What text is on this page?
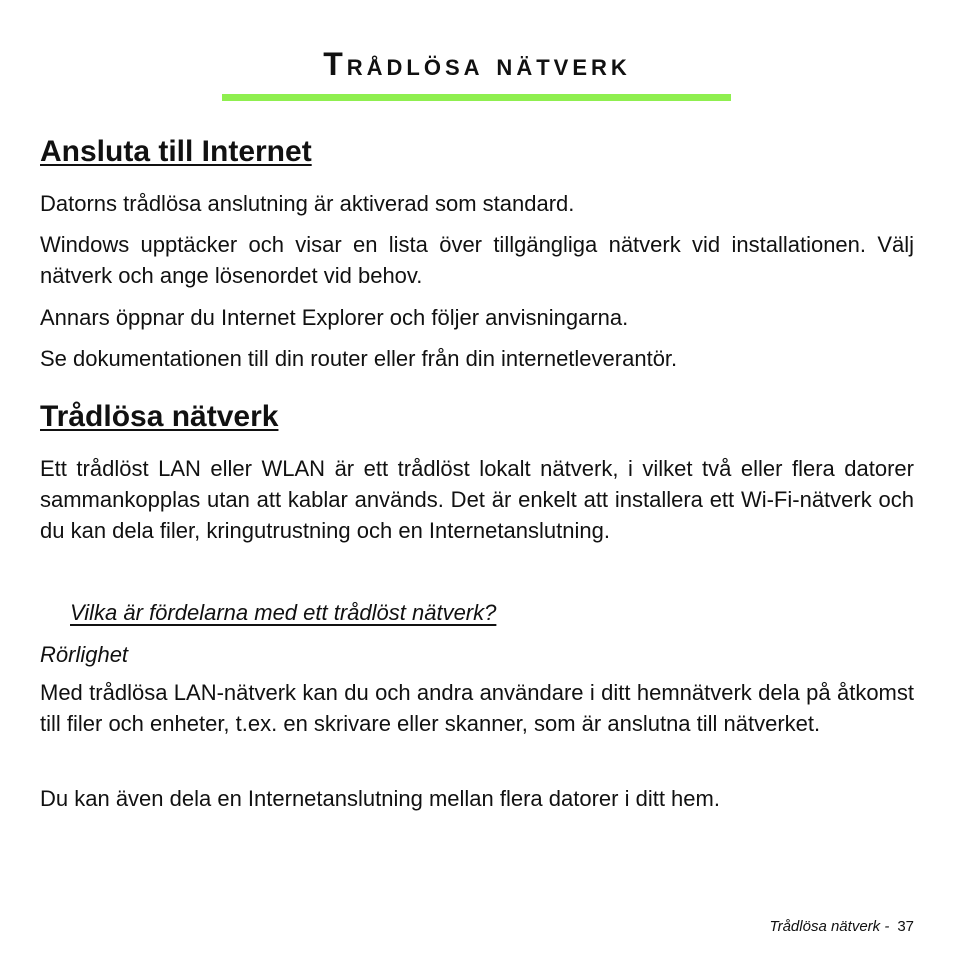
Trådlösa nätverk
Ansluta till Internet

Datorns trådlösa anslutning är aktiverad som standard.

Windows upptäcker och visar en lista över tillgängliga nätverk vid installationen. Välj nätverk och ange lösenordet vid behov.

Annars öppnar du Internet Explorer och följer anvisningarna.

Se dokumentationen till din router eller från din internetleverantör.

Trådlösa nätverk

Ett trådlöst LAN eller WLAN är ett trådlöst lokalt nätverk, i vilket två eller flera datorer sammankopplas utan att kablar används. Det är enkelt att installera ett Wi-Fi-nätverk och du kan dela filer, kringutrustning och en Internetanslutning.

Vilka är fördelarna med ett trådlöst nätverk?

Rörlighet

Med trådlösa LAN-nätverk kan du och andra användare i ditt hemnätverk dela på åtkomst till filer och enheter, t.ex. en skrivare eller skanner, som är anslutna till nätverket.

Du kan även dela en Internetanslutning mellan flera datorer i ditt hem.

Trådlösa nätverk - 37
